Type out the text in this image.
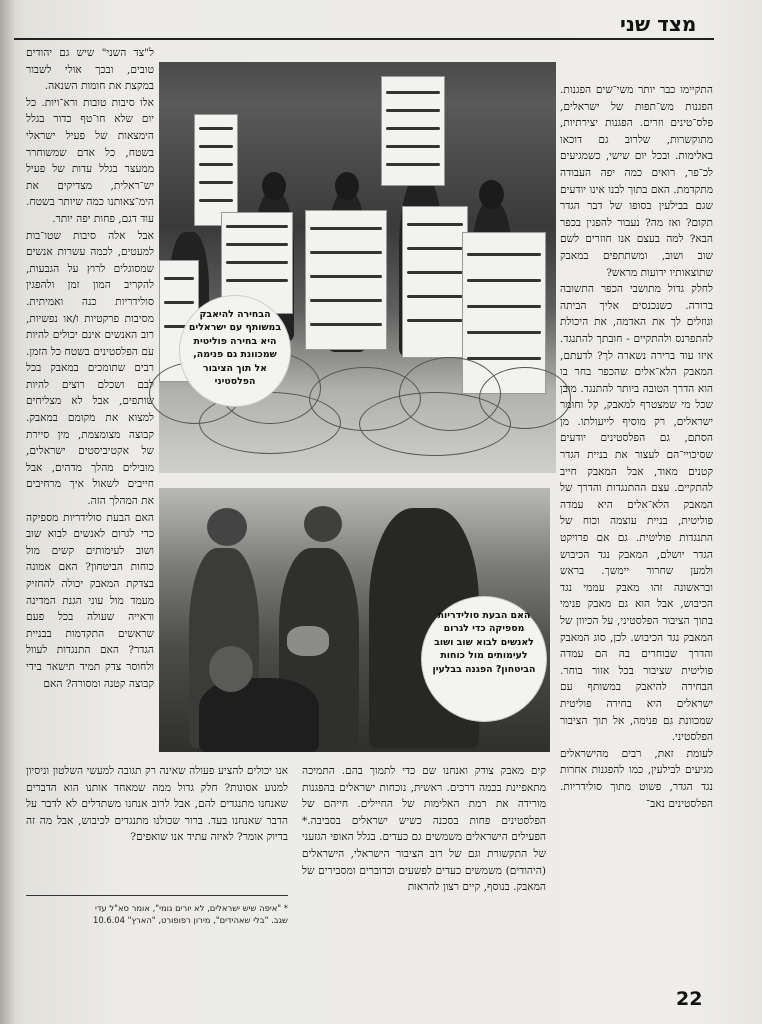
מצד שני
הבחירה להיאבק במשותף עם ישראלים היא בחירה פוליטית שמכוונת גם פנימה, אל תוך הציבור הפלסטיני
האם הבעת סולידריות מספיקה כדי לגרום לאנשים לבוא שוב ושוב לעימותים מול כוחות הביטחון? הפגנה בבלעין

התקיימו כבר יותר משי־שים הפגנות. הפגנות מש־תפות של ישראלים, פלס־טינים וזרים. הפגנות יצירתיות, מתוקשרות, שלרוב גם דוכאו באלימות. ובכל יום שישי, כשמגיעים לכ־פר, רואים כמה יפה העבודה מתקדמת. האם בתוך לבנו אינו יודעים שגם בבילעין בסופו של דבר הגדר תקום? ואז מה? נעבור להפגין בכפר הבא? למה בעצם אנו חוזרים לשם שוב ושוב, ומשתתפים במאבק שתוצאותיו ידועות מראש?

לחלק גדול מתושבי הכפר התשובה ברורה. כשנכנסים אליך הביתה וגוזלים לך את האדמה, את היכולת להתפרנס ולהתקיים - חובתך להתנגד. איזו עוד ברירה נשארה לך? לדעתם, המאבק הלא־אלים שהכפר בחר בו הוא הדרך הטובה ביותר להתנגד. מובן שכל מי שמצטרף למאבק, קל וחומר ישראלים, רק מוסיף לייעולתו. מן הסתם, גם הפלסטינים יודעים שסיכויי־הם לעצור את בניית הגדר קטנים מאוד, אבל המאבק חייב להתקיים. עצם ההתנגדות והדרך של המאבק הלא־אלים היא עמדה פוליטית, בניית עוצמה וכוח של התנגדות פוליטית. גם אם פרויקט הגדר יושלם, המאבק נגד הכיבוש ולמען שחרור יימשך. בראש ובראשונה זהו מאבק עממי נגד הכיבוש, אבל הוא גם מאבק פנימי בתוך הציבור הפלסטיני, על הכיוון של המאבק נגד הכיבוש. לכן, סוג המאבק והדרך שבוחרים בה הם עמדה פוליטית שציבור בכל אזור בוחר. הבחירה להיאבק במשותף עם ישראלים היא בחירה פוליטית שמכוונת גם פנימה, אל תוך הציבור הפלסטיני.

לעומת זאת, רבים מהישראלים מגיעים לבילעין, כמו להפגנות אחרות נגד הגדר, פשוט מתוך סולידריות. הפלסטינים נאב־

ל"צד השני" שיש גם יהודים טובים, ובכך אולי לשבור במקצת את חומות השנאה.

אלו סיבות טובות ורא־ויות. כל יום שלא חו־טף כדור בגלל הימצאות של פעיל ישראלי בשטח, כל אדם שמשוחרר ממעצר בגלל עדות של פעיל יש־ראלית, מצדיקים את הימ־צאותנו כמה שיותר בשטח. עוד דגם, פחות יפה יותר.

אבל אלה סיבות שטו־בות למעטים, לכמה עשרות אנשים שמסוגלים לרוץ על הגבעות, להקריב המון זמן ולהפגין סולידריות כנה ואמיתית. מסיבות פרקטיות ו/או נפשיות, רוב האנשים אינם יכולים להיות עם הפלסטינים בשטח כל הזמן. רבים שתומכים במאבק בכל לבם ושכלם רוצים להיות שותפים, אבל לא מצליחים למצוא את מקומם במאבק. קבוצה מצומצמת, מין סיירת של אקטיביסטים ישראלים, מובילים מהלך מדהים, אבל חייבים לשאול איך מרחיבים את המהלך הזה.

האם הבעת סולידריות מספיקה כדי לגרום לאנשים לבוא שוב ושוב לעימותים קשים מול כוחות הביטחון? האם אמונה בצדקת המאבק יכולה להחזיק מעמד מול עוני הגנת המדינה וראייה שעולה בכל פעם שראשים התקדמות בבניית הגדר? האם התנגדות לעוול ולחוסר צדק תמיד תישאר בידי קבוצה קטנה ומסורה? האם

קים מאבק צודק ואנחנו שם כדי לתמוך בהם. התמיכה מתאפיינת בכמה דרכים. ראשית, נוכחות ישראלים בהפגנות מורידה את רמת האלימות של החיילים. חייהם של הפלסטינים פחות בסכנה כשיש ישראלים בסביבה.* הפעילים הישראלים משמשים גם כעדים. בגלל האופי הגזעני של התקשורת וגם של רוב הציבור הישראלי, הישראלים (היהודים) משמשים כעדים לפשעים וכדוברים ומסבירים של המאבק. בנוסף, קיים רצון להראות

אנו יכולים להציע פעולה שאינה רק תגובה למעשי השלטון וניסיון למנוע אסונות? חלק גדול ממה שמאחד אותנו הוא הדברים שאנחנו מתנגדים להם, אבל לרוב אנחנו משתדלים לא לדבר על הדבר שאנחנו בעד. ברור שכולנו מתנגדים לכיבוש, אבל מה זה בדיוק אומר? לאיזה עתיד אנו שואפים?

* "איפה שיש ישראלים, לא יורים גומי", אומר סא"ל עדי
שגב. "בלי שאהידים", מירון רפופורט, "הארץ" 10.6.04
22
